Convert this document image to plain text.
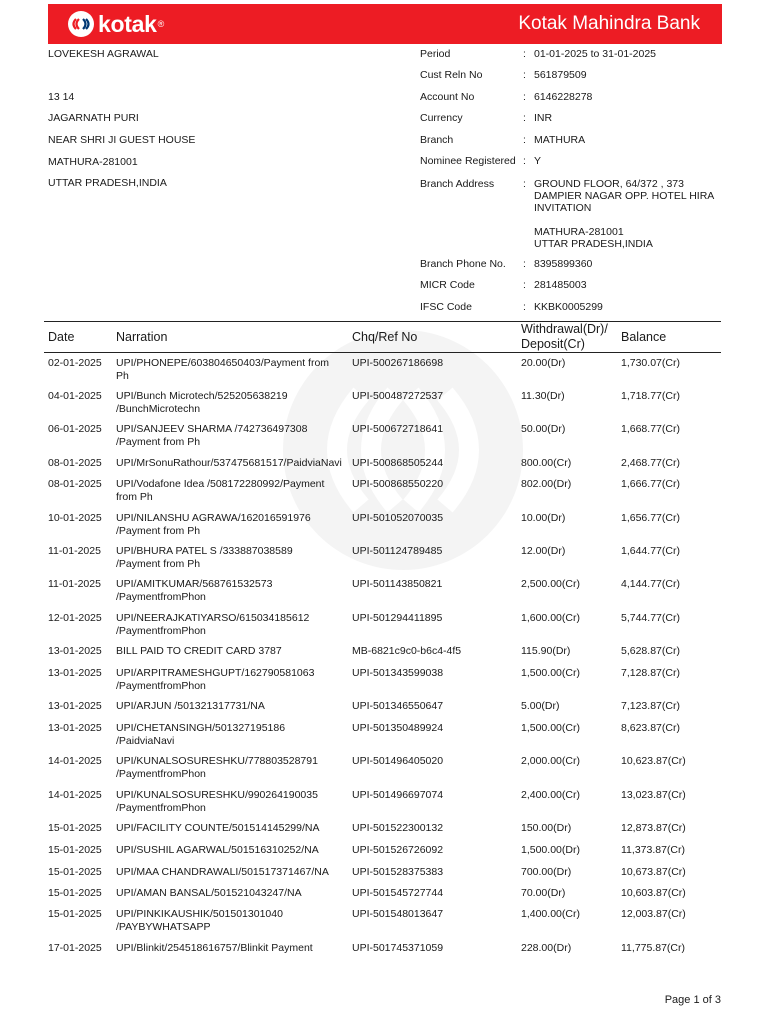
kotak ®	Kotak Mahindra Bank
LOVEKESH AGRAWAL
13 14
JAGARNATH PURI
NEAR SHRI JI GUEST HOUSE
MATHURA-281001
UTTAR PRADESH,INDIA
Period	: 01-01-2025 to 31-01-2025
Cust Reln No	: 561879509
Account No	: 6146228278
Currency	: INR
Branch	: MATHURA
Nominee Registered : Y
Branch Address	: GROUND FLOOR, 64/372 , 373 DAMPIER NAGAR OPP. HOTEL HIRA INVITATION

MATHURA-281001
UTTAR PRADESH,INDIA
Branch Phone No. : 8395899360
MICR Code	: 281485003
IFSC Code	: KKBK0005299
Date	Narration	Chq/Ref No
Withdrawal(Dr)/
Deposit(Cr)	Balance
02-01-2025 UPI/PHONEPE/603804650403/Payment from
Ph
UPI-500267186698	20.00(Dr)	1,730.07(Cr)
04-01-2025 UPI/Bunch Microtech/525205638219
/BunchMicrotechn
UPI-500487272537	11.30(Dr)	1,718.77(Cr)
06-01-2025 UPI/SANJEEV SHARMA /742736497308
/Payment from Ph
UPI-500672718641	50.00(Dr)	1,668.77(Cr)
08-01-2025 UPI/MrSonuRathour/537475681517/PaidviaNavi UPI-500868505244	800.00(Cr)	2,468.77(Cr)
08-01-2025 UPI/Vodafone Idea /508172280992/Payment
from Ph
UPI-500868550220	802.00(Dr)	1,666.77(Cr)
10-01-2025 UPI/NILANSHU AGRAWA/162016591976
/Payment from Ph
UPI-501052070035	10.00(Dr)	1,656.77(Cr)
11-01-2025 UPI/BHURA PATEL S /333887038589
/Payment from Ph
UPI-501124789485	12.00(Dr)	1,644.77(Cr)
11-01-2025 UPI/AMITKUMAR/568761532573
/PaymentfromPhon
UPI-501143850821	2,500.00(Cr)	4,144.77(Cr)
12-01-2025 UPI/NEERAJKATIYARSO/615034185612
/PaymentfromPhon
UPI-501294411895	1,600.00(Cr)	5,744.77(Cr)
13-01-2025 BILL PAID TO CREDIT CARD 3787	MB-6821c9c0-b6c4-4f5	115.90(Dr)	5,628.87(Cr)
13-01-2025 UPI/ARPITRAMESHGUPT/162790581063
/PaymentfromPhon
UPI-501343599038	1,500.00(Cr)	7,128.87(Cr)
13-01-2025 UPI/ARJUN /501321317731/NA	UPI-501346550647	5.00(Dr)	7,123.87(Cr)
13-01-2025 UPI/CHETANSINGH/501327195186
/PaidviaNavi
UPI-501350489924	1,500.00(Cr)	8,623.87(Cr)
14-01-2025 UPI/KUNALSOSURESHKU/778803528791
/PaymentfromPhon
UPI-501496405020	2,000.00(Cr)	10,623.87(Cr)
14-01-2025 UPI/KUNALSOSURESHKU/990264190035
/PaymentfromPhon
UPI-501496697074	2,400.00(Cr)	13,023.87(Cr)
15-01-2025 UPI/FACILITY COUNTE/501514145299/NA	UPI-501522300132	150.00(Dr)	12,873.87(Cr)
15-01-2025 UPI/SUSHIL AGARWAL/501516310252/NA	UPI-501526726092	1,500.00(Dr)	11,373.87(Cr)
15-01-2025 UPI/MAA CHANDRAWALI/501517371467/NA	UPI-501528375383	700.00(Dr)	10,673.87(Cr)
15-01-2025 UPI/AMAN BANSAL/501521043247/NA	UPI-501545727744	70.00(Dr)	10,603.87(Cr)
15-01-2025 UPI/PINKIKAUSHIK/501501301040
/PAYBYWHATSAPP
UPI-501548013647	1,400.00(Cr)	12,003.87(Cr)
17-01-2025 UPI/Blinkit/254518616757/Blinkit Payment	UPI-501745371059	228.00(Dr)	11,775.87(Cr)
Page 1 of 3
